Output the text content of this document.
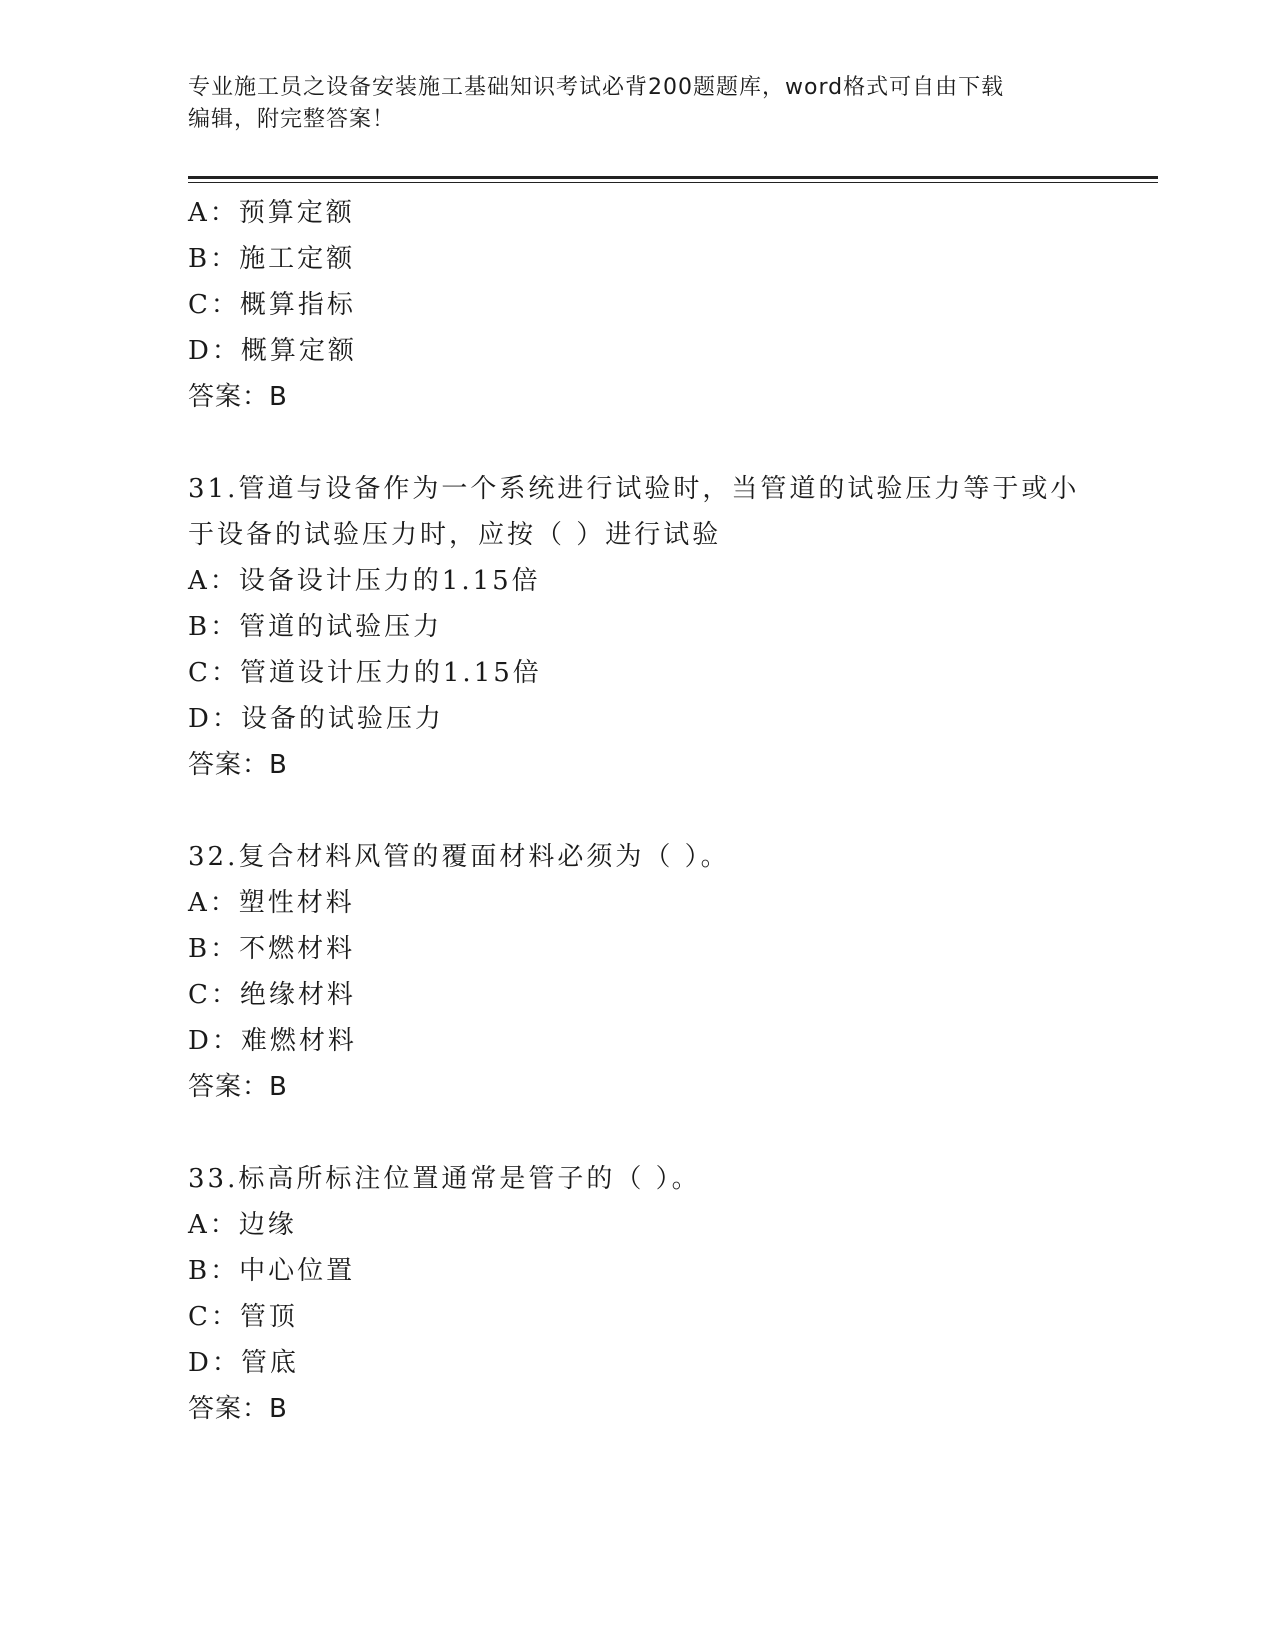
专业施工员之设备安装施工基础知识考试必背200题题库，word格式可自由下载
编辑，附完整答案！
A：预算定额
B：施工定额
C：概算指标
D：概算定额
答案：B
31.管道与设备作为一个系统进行试验时，当管道的试验压力等于或小
于设备的试验压力时，应按（ ）进行试验
A：设备设计压力的1.15倍
B：管道的试验压力
C：管道设计压力的1.15倍
D：设备的试验压力
答案：B
32.复合材料风管的覆面材料必须为（ ）。
A：塑性材料
B：不燃材料
C：绝缘材料
D：难燃材料
答案：B
33.标高所标注位置通常是管子的（ ）。
A：边缘
B：中心位置
C：管顶
D：管底
答案：B
